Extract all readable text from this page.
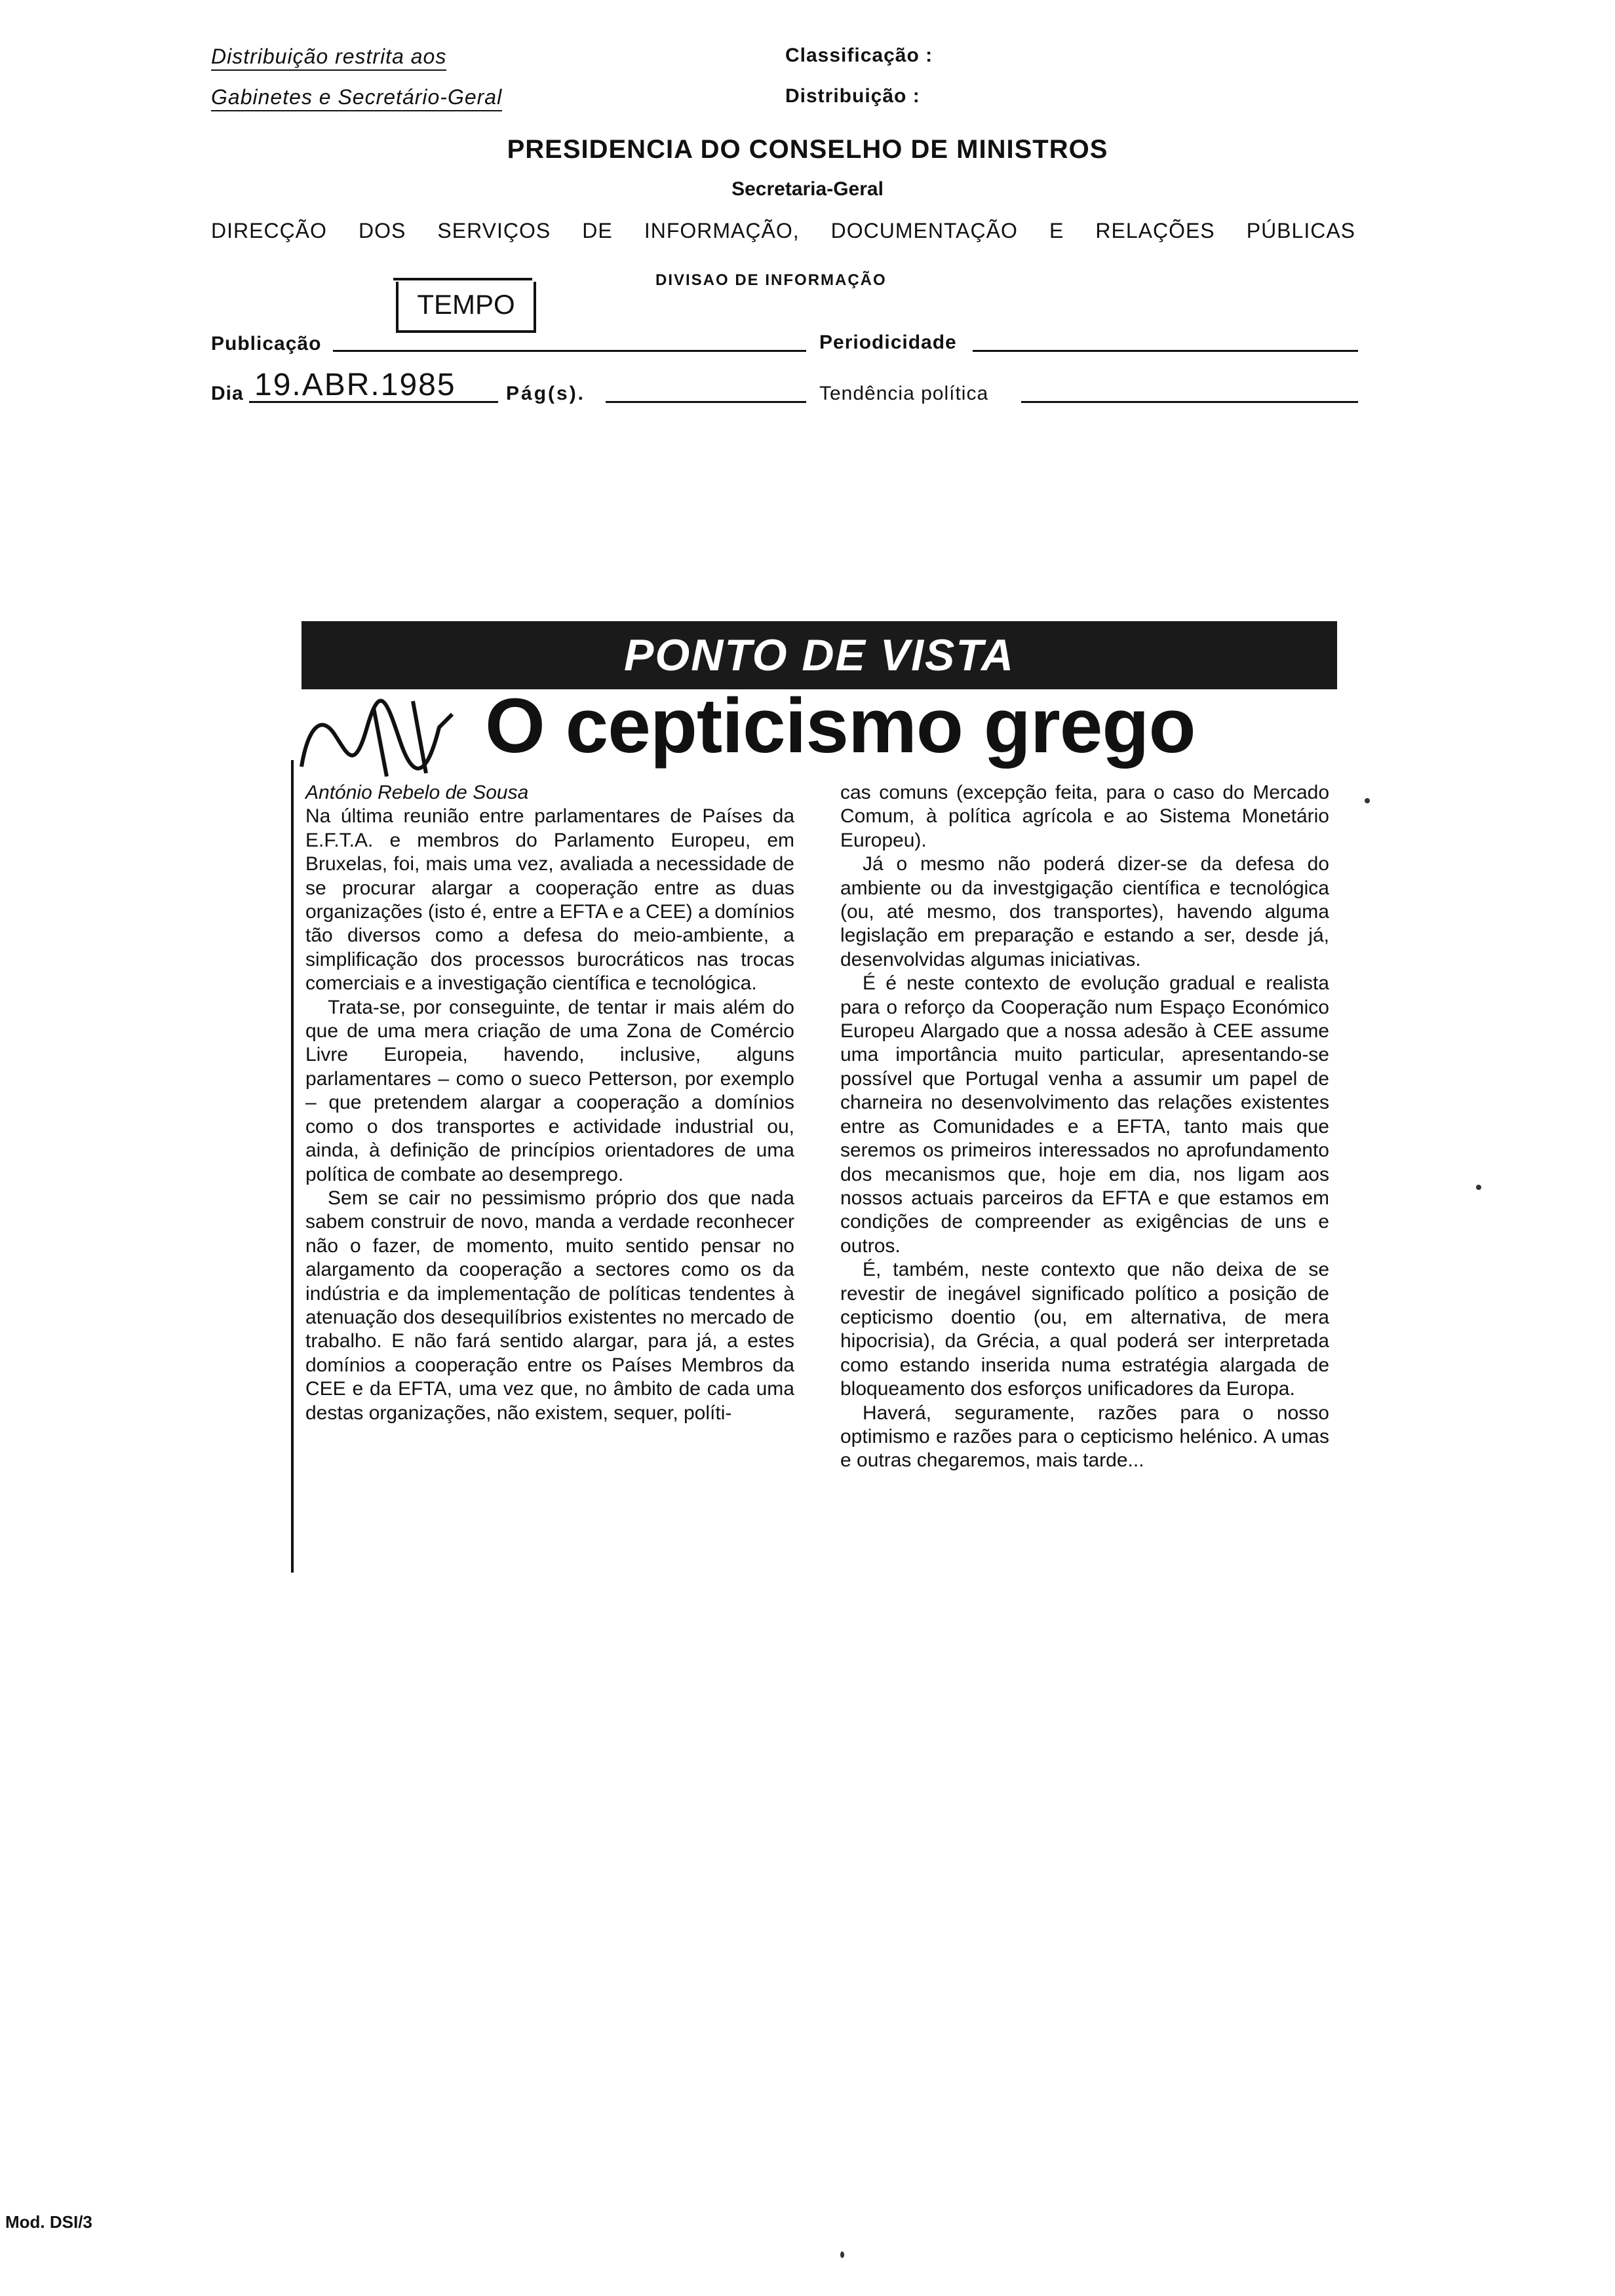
Distribuição restrita aos
Gabinetes e Secretário-Geral
Classificação :
Distribuição :
PRESIDENCIA DO CONSELHO DE MINISTROS
Secretaria-Geral
DIRECÇÃO DOS SERVIÇOS DE INFORMAÇÃO, DOCUMENTAÇÃO E RELAÇÕES PÚBLICAS
DIVISAO DE INFORMAÇÃO
TEMPO
Publicação	Periodicidade
Dia 19.ABR.1985	Pág(s).	Tendência política
PONTO DE VISTA
O cepticismo grego

António Rebelo de Sousa

Na última reunião entre parlamentares de Países da E.F.T.A. e membros do Parlamento Europeu, em Bruxelas, foi, mais uma vez, avaliada a necessidade de se procurar alargar a cooperação entre as duas organizações (isto é, entre a EFTA e a CEE) a domínios tão diversos como a defesa do meio-ambiente, a simplificação dos processos burocráticos nas trocas comerciais e a investigação científica e tecnológica.

Trata-se, por conseguinte, de tentar ir mais além do que de uma mera criação de uma Zona de Comércio Livre Europeia, havendo, inclusive, alguns parlamentares – como o sueco Petterson, por exemplo – que pretendem alargar a cooperação a domínios como o dos transportes e actividade industrial ou, ainda, à definição de princípios orientadores de uma política de combate ao desemprego.

Sem se cair no pessimismo próprio dos que nada sabem construir de novo, manda a verdade reconhecer não o fazer, de momento, muito sentido pensar no alargamento da cooperação a sectores como os da indústria e da implementação de políticas tendentes à atenuação dos desequilíbrios existentes no mercado de trabalho. E não fará sentido alargar, para já, a estes domínios a cooperação entre os Países Membros da CEE e da EFTA, uma vez que, no âmbito de cada uma destas organizações, não existem, sequer, políti-

cas comuns (excepção feita, para o caso do Mercado Comum, à política agrícola e ao Sistema Monetário Europeu).

Já o mesmo não poderá dizer-se da defesa do ambiente ou da investgigação científica e tecnológica (ou, até mesmo, dos transportes), havendo alguma legislação em preparação e estando a ser, desde já, desenvolvidas algumas iniciativas.

É é neste contexto de evolução gradual e realista para o reforço da Cooperação num Espaço Económico Europeu Alargado que a nossa adesão à CEE assume uma importância muito particular, apresentando-se possível que Portugal venha a assumir um papel de charneira no desenvolvimento das relações existentes entre as Comunidades e a EFTA, tanto mais que seremos os primeiros interessados no aprofundamento dos mecanismos que, hoje em dia, nos ligam aos nossos actuais parceiros da EFTA e que estamos em condições de compreender as exigências de uns e outros.

É, também, neste contexto que não deixa de se revestir de inegável significado político a posição de cepticismo doentio (ou, em alternativa, de mera hipocrisia), da Grécia, a qual poderá ser interpretada como estando inserida numa estratégia alargada de bloqueamento dos esforços unificadores da Europa.

Haverá, seguramente, razões para o nosso optimismo e razões para o cepticismo helénico. A umas e outras chegaremos, mais tarde...

Mod. DSI/3
